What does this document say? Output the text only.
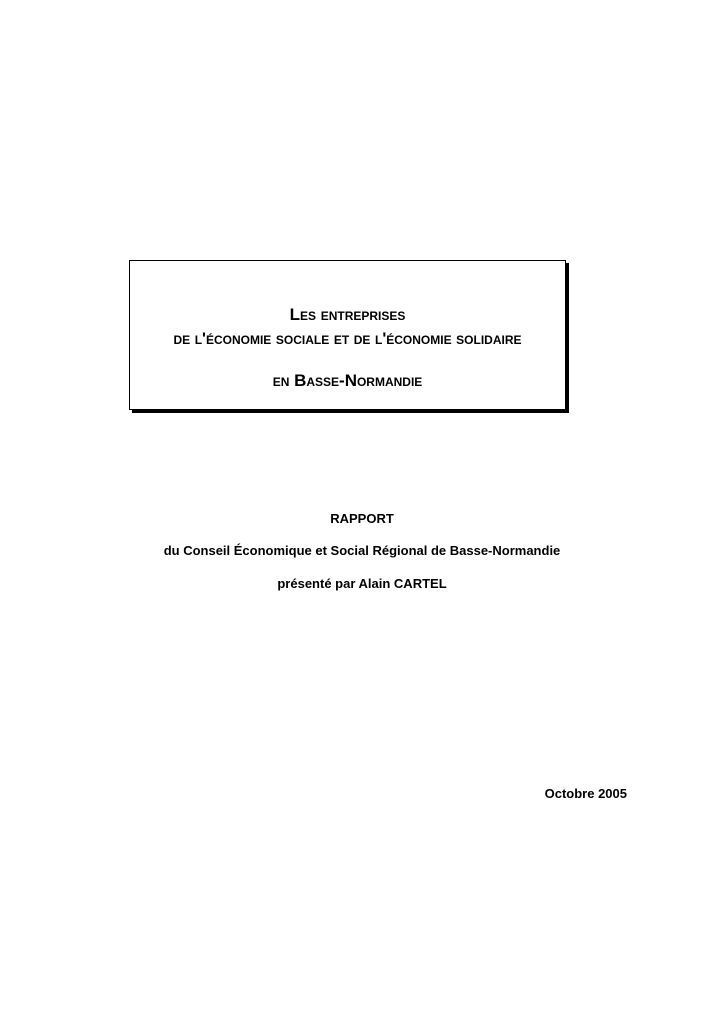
Les entreprises
de l'économie sociale et de l'économie solidaire
en Basse-Normandie
RAPPORT
du Conseil Économique et Social Régional de Basse-Normandie
présenté par Alain CARTEL
Octobre 2005
